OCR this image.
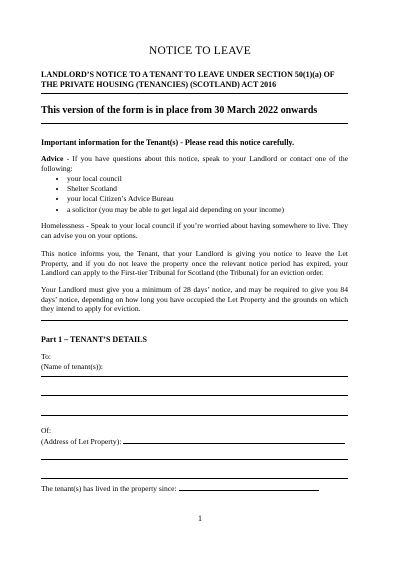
NOTICE TO LEAVE
LANDLORD’S NOTICE TO A TENANT TO LEAVE UNDER SECTION 50(1)(a) OF
THE PRIVATE HOUSING (TENANCIES) (SCOTLAND) ACT 2016
This version of the form is in place from 30 March 2022 onwards
Important information for the Tenant(s) - Please read this notice carefully.
Advice - If you have questions about this notice, speak to your Landlord or contact one of the following:
• your local council
• Shelter Scotland
• your local Citizen’s Advice Bureau
• a solicitor (you may be able to get legal aid depending on your income)
Homelessness - Speak to your local council if you’re worried about having somewhere to live. They can advise you on your options.
This notice informs you, the Tenant, that your Landlord is giving you notice to leave the Let Property, and if you do not leave the property once the relevant notice period has expired, your Landlord can apply to the First-tier Tribunal for Scotland (the Tribunal) for an eviction order.
Your Landlord must give you a minimum of 28 days’ notice, and may be required to give you 84 days’ notice, depending on how long you have occupied the Let Property and the grounds on which they intend to apply for eviction.
Part 1 – TENANT’S DETAILS
To:
(Name of tenant(s)):
Of:
(Address of Let Property):
The tenant(s) has lived in the property since:
1
